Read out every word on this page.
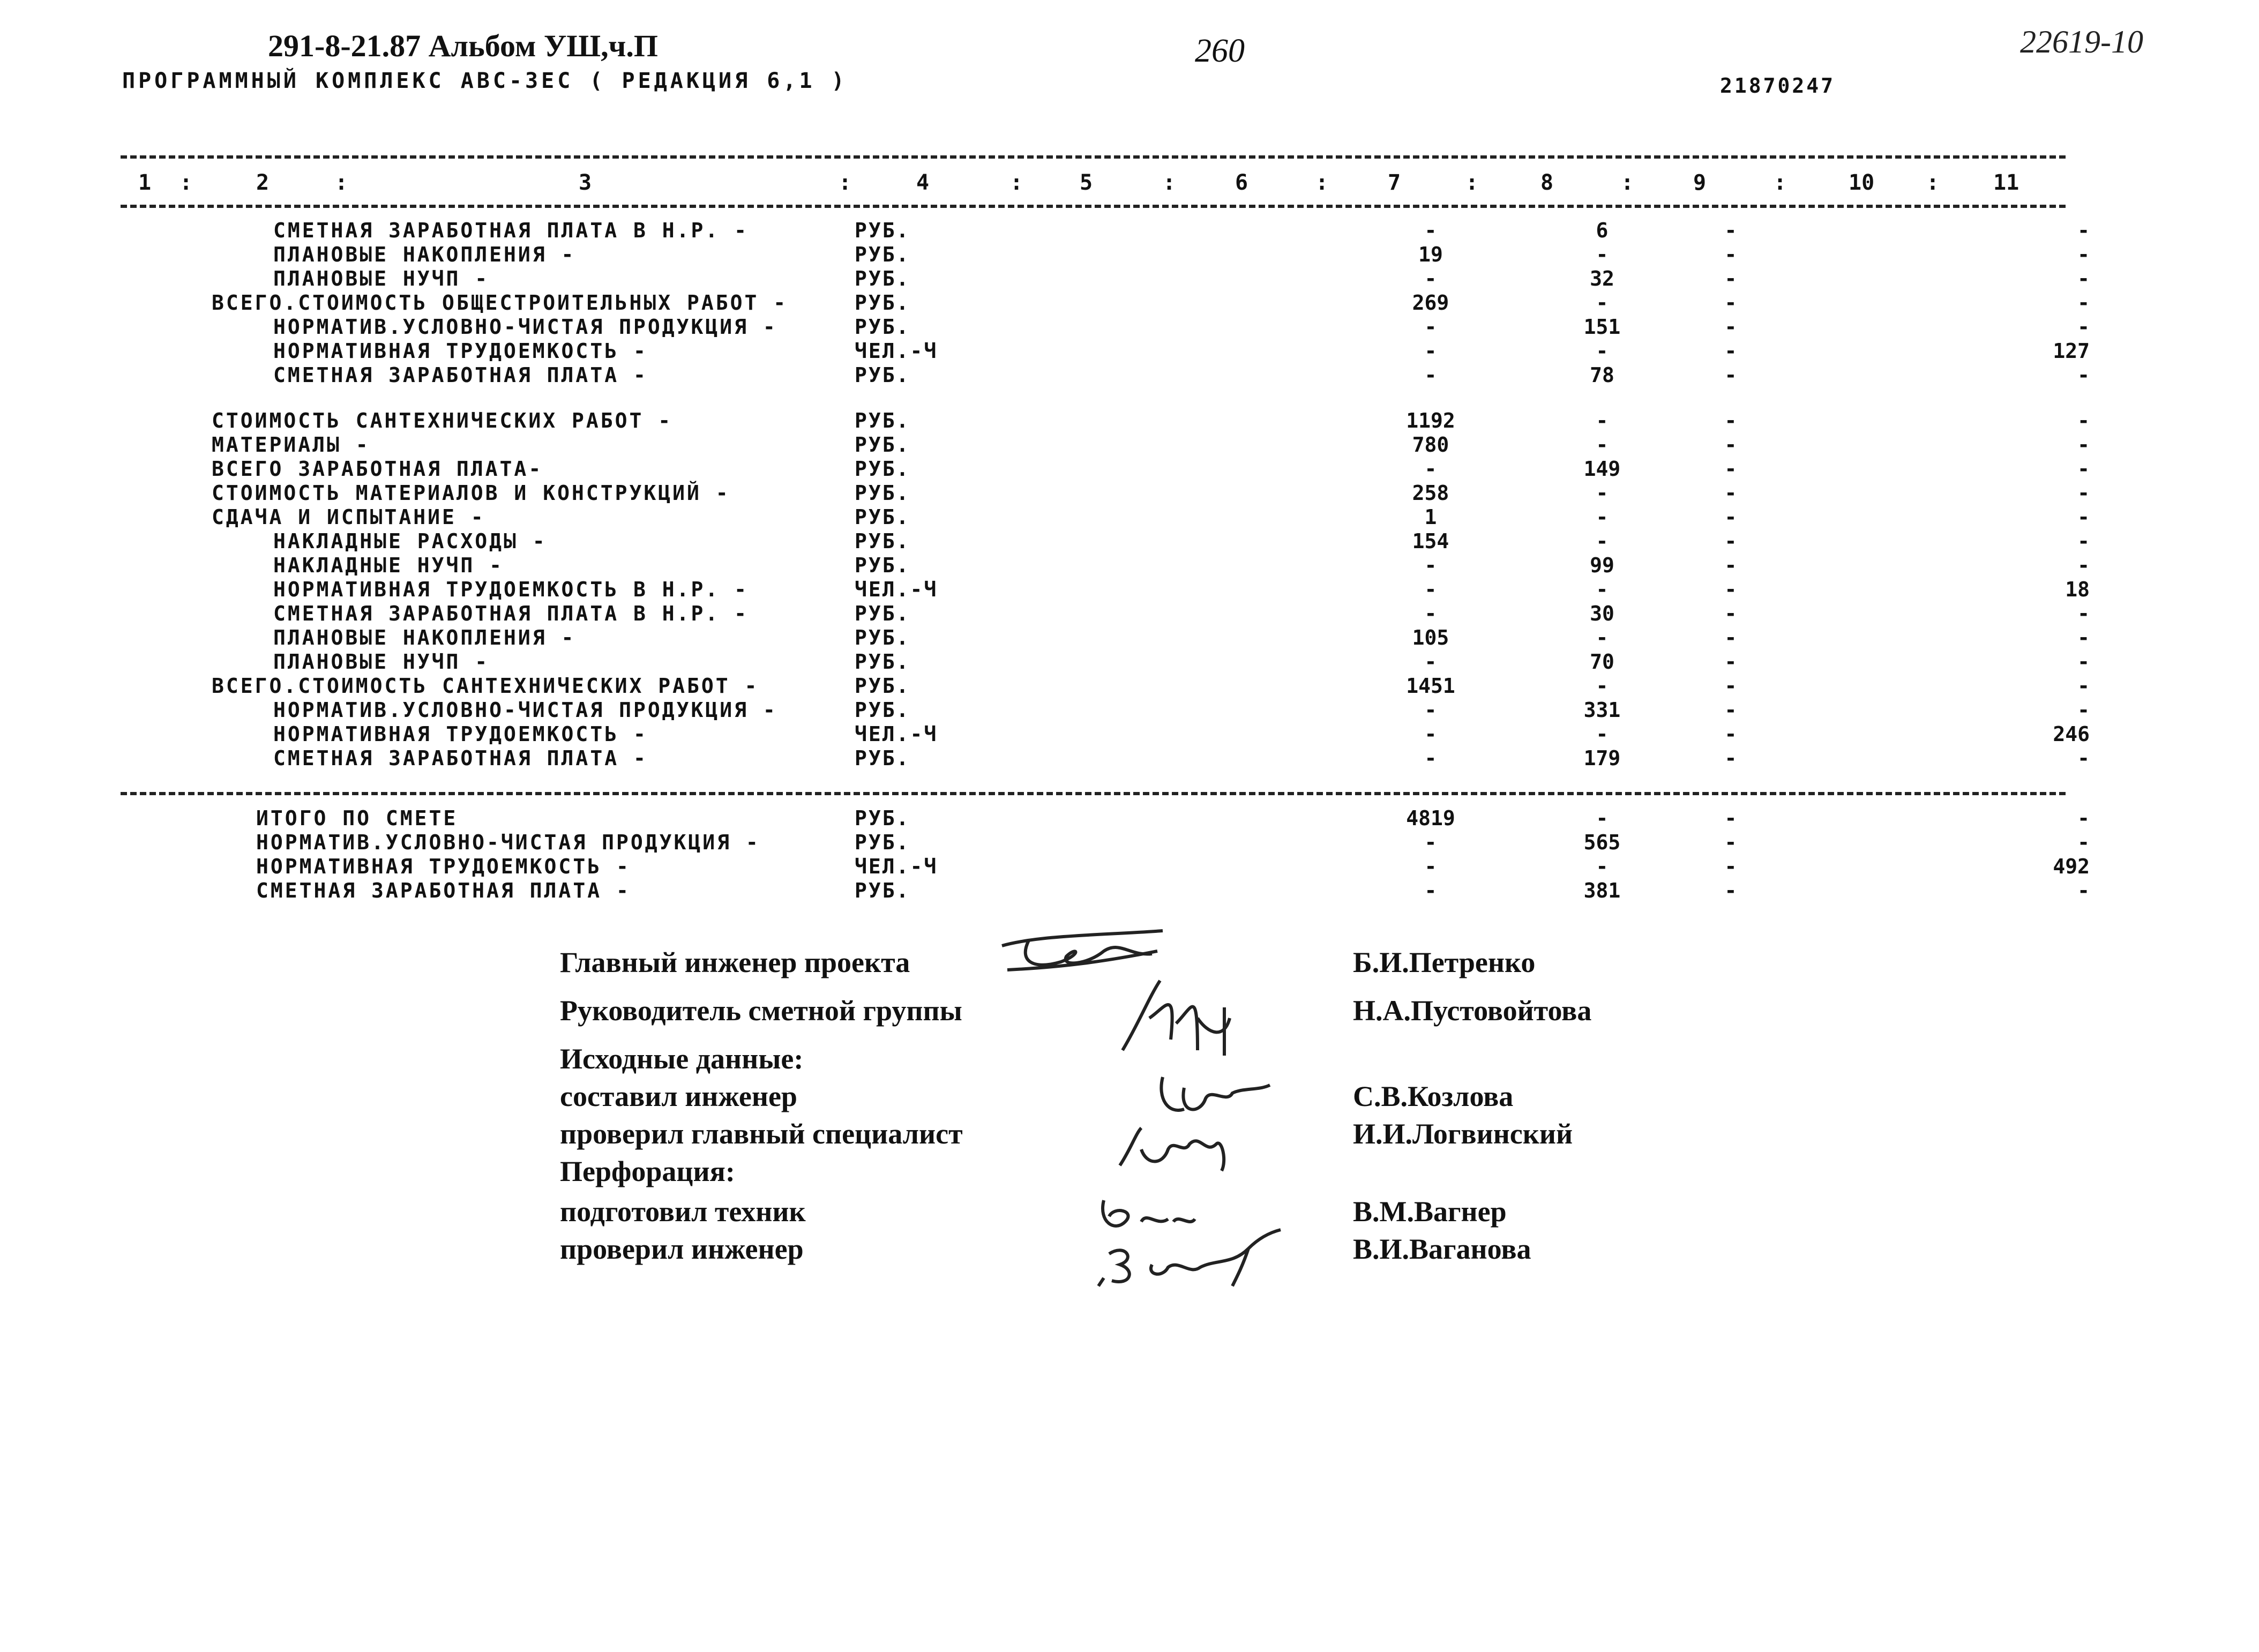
291-8-21.87 Альбом УШ,ч.П	260	22619-10
ПРОГРАММНЫЙ КОМПЛЕКС АВС-ЗЕС ( РЕДАКЦИЯ 6,1 )	21870247
1	2	3	4	5	6	7	8	9	10	11
:	:	:	:	:	:	:	:	:	:
СМЕТНАЯ ЗАРАБОТНАЯ ПЛАТА В Н.Р. -	РУБ.	-	6	-	-
ПЛАНОВЫЕ НАКОПЛЕНИЯ -	РУБ.	19	-	-	-
ПЛАНОВЫЕ НУЧП -	РУБ.	-	32	-	-
ВСЕГО.СТОИМОСТЬ ОБЩЕСТРОИТЕЛЬНЫХ РАБОТ -	РУБ.	269	-	-	-
НОРМАТИВ.УСЛОВНО-ЧИСТАЯ ПРОДУКЦИЯ -	РУБ.	-	151	-	-
НОРМАТИВНАЯ ТРУДОЕМКОСТЬ -	ЧЕЛ.-Ч	-	-	-	127
СМЕТНАЯ ЗАРАБОТНАЯ ПЛАТА -	РУБ.	-	78	-	-
СТОИМОСТЬ САНТЕХНИЧЕСКИХ РАБОТ -	РУБ.	1192	-	-	-
МАТЕРИАЛЫ -	РУБ.	780	-	-	-
ВСЕГО ЗАРАБОТНАЯ ПЛАТА-	РУБ.	-	149	-	-
СТОИМОСТЬ МАТЕРИАЛОВ И КОНСТРУКЦИЙ -	РУБ.	258	-	-	-
СДАЧА И ИСПЫТАНИЕ -	РУБ.	1	-	-	-
НАКЛАДНЫЕ РАСХОДЫ -	РУБ.	154	-	-	-
НАКЛАДНЫЕ НУЧП -	РУБ.	-	99	-	-
НОРМАТИВНАЯ ТРУДОЕМКОСТЬ В Н.Р. -	ЧЕЛ.-Ч	-	-	-	18
СМЕТНАЯ ЗАРАБОТНАЯ ПЛАТА В Н.Р. -	РУБ.	-	30	-	-
ПЛАНОВЫЕ НАКОПЛЕНИЯ -	РУБ.	105	-	-	-
ПЛАНОВЫЕ НУЧП -	РУБ.	-	70	-	-
ВСЕГО.СТОИМОСТЬ САНТЕХНИЧЕСКИХ РАБОТ -	РУБ.	1451	-	-	-
НОРМАТИВ.УСЛОВНО-ЧИСТАЯ ПРОДУКЦИЯ -	РУБ.	-	331	-	-
НОРМАТИВНАЯ ТРУДОЕМКОСТЬ -	ЧЕЛ.-Ч	-	-	-	246
СМЕТНАЯ ЗАРАБОТНАЯ ПЛАТА -	РУБ.	-	179	-	-
ИТОГО ПО СМЕТЕ	РУБ.	4819	-	-	-
НОРМАТИВ.УСЛОВНО-ЧИСТАЯ ПРОДУКЦИЯ -	РУБ.	-	565	-	-
НОРМАТИВНАЯ ТРУДОЕМКОСТЬ -	ЧЕЛ.-Ч	-	-	-	492
СМЕТНАЯ ЗАРАБОТНАЯ ПЛАТА -	РУБ.	-	381	-	-
Главный инженер проекта	Б.И.Петренко
Руководитель сметной группы	Н.А.Пустовойтова
Исходные данные:
составил инженер	С.В.Козлова
проверил главный специалист	И.И.Логвинский
Перфорация:
подготовил техник	В.М.Вагнер
проверил инженер	В.И.Ваганова
